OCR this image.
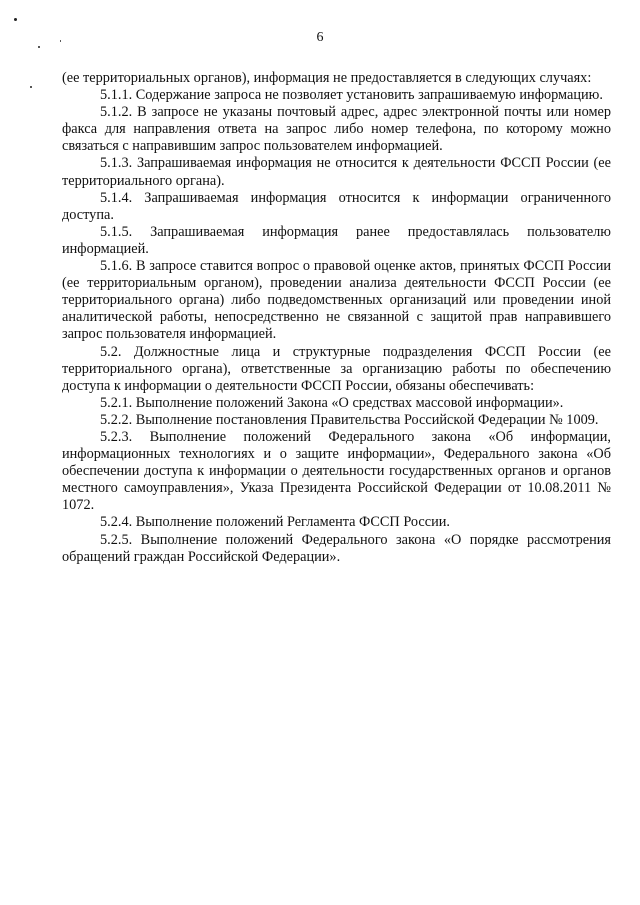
6

(ее территориальных органов), информация не предоставляется в следующих случаях:

5.1.1. Содержание запроса не позволяет установить запрашиваемую информацию.

5.1.2. В запросе не указаны почтовый адрес, адрес электронной почты или номер факса для направления ответа на запрос либо номер телефона, по которому можно связаться с направившим запрос пользователем информацией.

5.1.3. Запрашиваемая информация не относится к деятельности ФССП России (ее территориального органа).

5.1.4. Запрашиваемая информация относится к информации ограниченного доступа.

5.1.5. Запрашиваемая информация ранее предоставлялась пользователю информацией.

5.1.6. В запросе ставится вопрос о правовой оценке актов, принятых ФССП России (ее территориальным органом), проведении анализа деятельности ФССП России (ее территориального органа) либо подведомственных организаций или проведении иной аналитической работы, непосредственно не связанной с защитой прав направившего запрос пользователя информацией.

5.2. Должностные лица и структурные подразделения ФССП России (ее территориального органа), ответственные за организацию работы по обеспечению доступа к информации о деятельности ФССП России, обязаны обеспечивать:

5.2.1. Выполнение положений Закона «О средствах массовой информации».

5.2.2. Выполнение постановления Правительства Российской Федерации № 1009.

5.2.3. Выполнение положений Федерального закона «Об информации, информационных технологиях и о защите информации», Федерального закона «Об обеспечении доступа к информации о деятельности государственных органов и органов местного самоуправления», Указа Президента Российской Федерации от 10.08.2011 № 1072.

5.2.4. Выполнение положений Регламента ФССП России.

5.2.5. Выполнение положений Федерального закона «О порядке рассмотрения обращений граждан Российской Федерации».
